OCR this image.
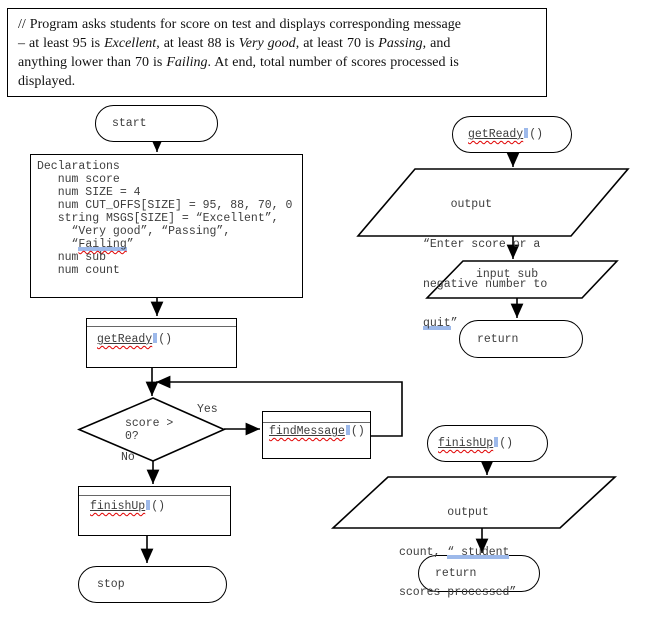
// Program asks students for score on test and displays corresponding message
– at least 95 is Excellent, at least 88 is Very good, at least 70 is Passing, and
anything lower than 70 is Failing. At end, total number of scores processed is
displayed.
start
Declarations
num score
num SIZE = 4
num CUT_OFFS[SIZE] = 95, 88, 70, 0
string MSGS[SIZE] = “Excellent”,
“Very good”, “Passing”,
“Failing”
num sub
num count
getReady ()
score >
0?
Yes
No
findMessage ()
finishUp ()
stop
getReady ()

output

“Enter score or a

negative number to

quit”

input sub
return
finishUp ()

output

count, “ student

scores processed”

return
